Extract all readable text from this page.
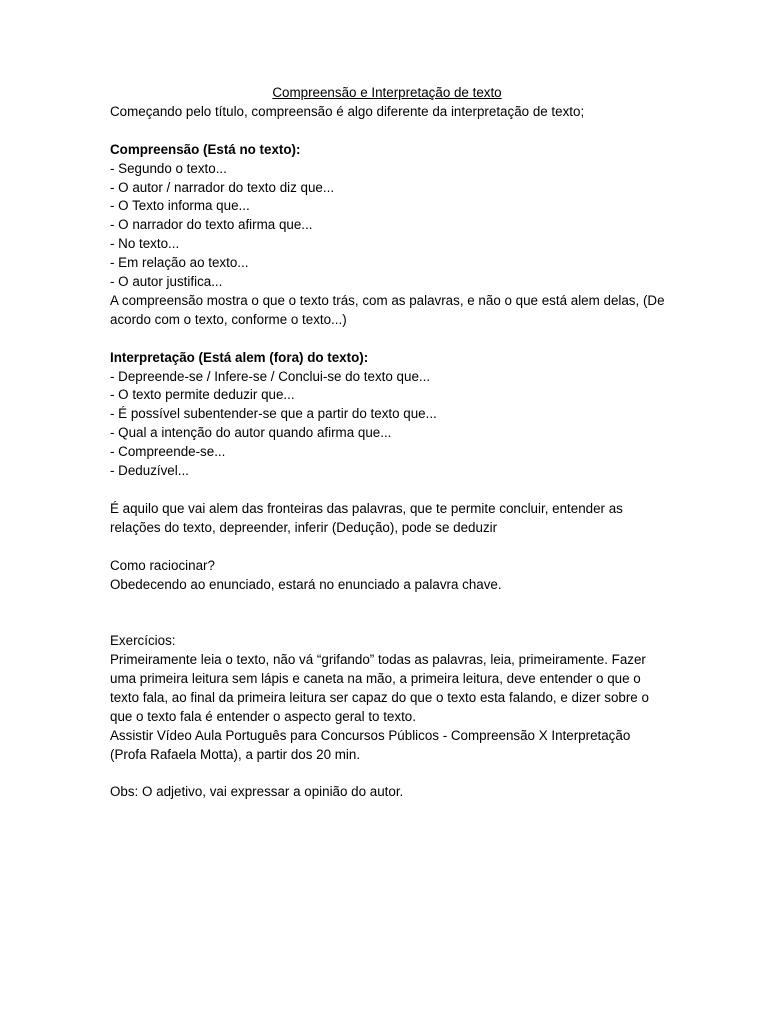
Compreensão e Interpretação de texto
Começando pelo título, compreensão é algo diferente da interpretação de texto;
Compreensão (Está no texto):
- Segundo o texto...
- O autor / narrador do texto diz que...
- O Texto informa que...
- O narrador do texto afirma que...
- No texto...
- Em relação ao texto...
- O autor justifica...
A compreensão mostra o que o texto trás, com as palavras, e não o que está alem delas, (De acordo com o texto, conforme o texto...)
Interpretação (Está alem (fora) do texto):
- Depreende-se / Infere-se / Conclui-se do texto que...
- O texto permite deduzir que...
- É possível subentender-se que a partir do texto que...
- Qual a intenção do autor quando afirma que...
- Compreende-se...
- Deduzível...
É aquilo que vai alem das fronteiras das palavras, que te permite concluir, entender as relações do texto, depreender, inferir (Dedução), pode se deduzir
Como raciocinar?
Obedecendo ao enunciado, estará no enunciado a palavra chave.
Exercícios:
Primeiramente leia o texto, não vá “grifando” todas as palavras, leia, primeiramente. Fazer uma primeira leitura sem lápis e caneta na mão, a primeira leitura, deve entender o que o texto fala, ao final da primeira leitura ser capaz do que o texto esta falando, e dizer sobre o que o texto fala é entender o aspecto geral to texto.
Assistir Vídeo Aula Português para Concursos Públicos - Compreensão X Interpretação (Profa Rafaela Motta), a partir dos 20 min.
Obs: O adjetivo, vai expressar a opinião do autor.
